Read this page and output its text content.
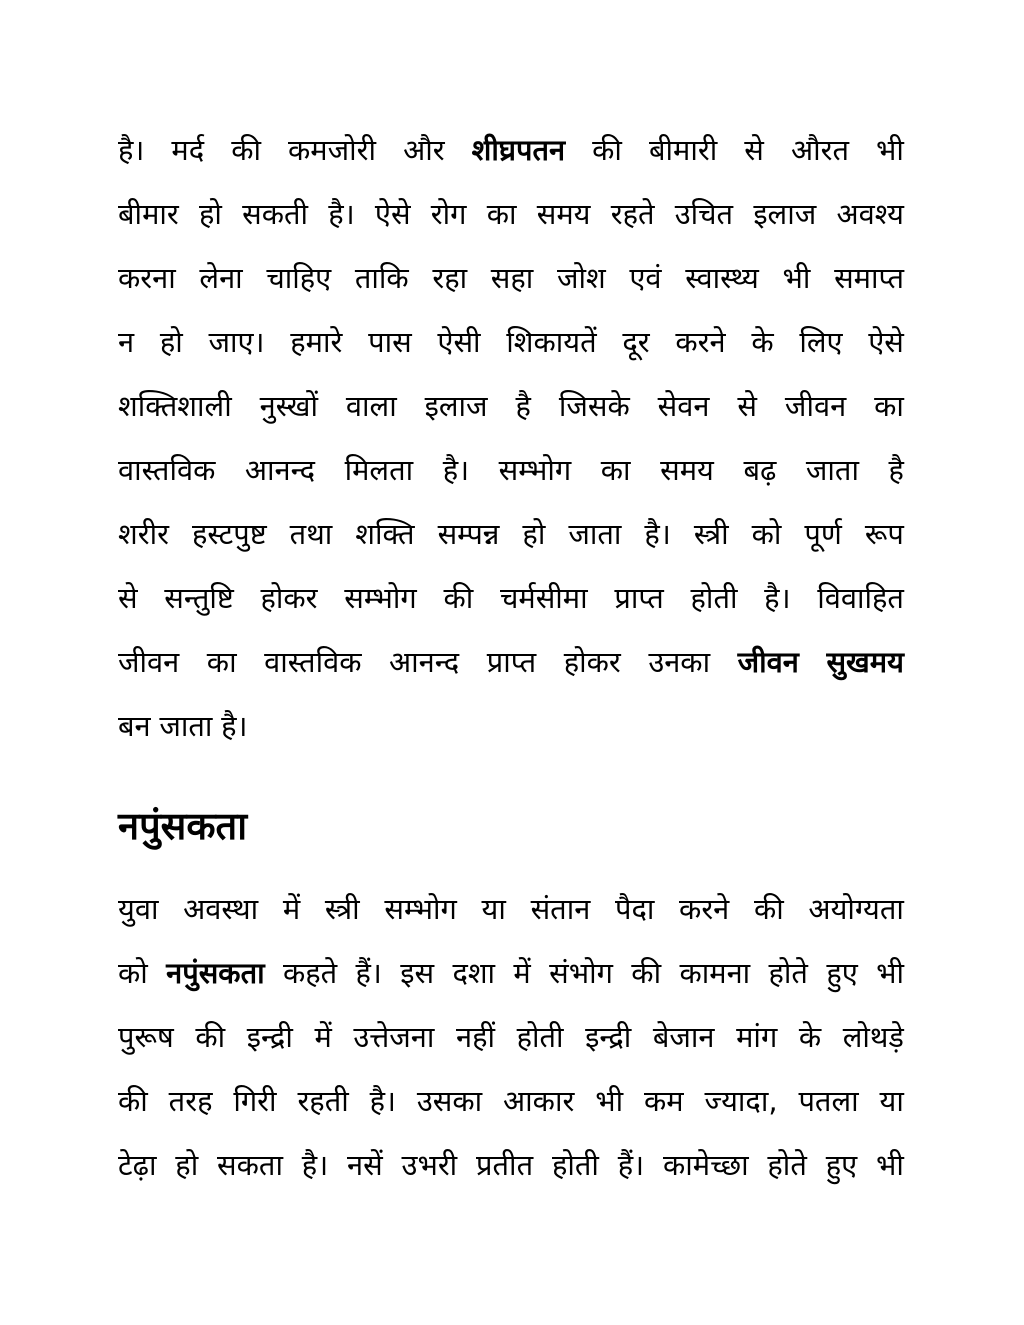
है। मर्द की कमजोरी और शीघ्रपतन की बीमारी से औरत भी
बीमार हो सकती है। ऐसे रोग का समय रहते उचित इलाज अवश्य
करना लेना चाहिए ताकि रहा सहा जोश एवं स्वास्थ्य भी समाप्त
न हो जाए। हमारे पास ऐसी शिकायतें दूर करने के लिए ऐसे
शक्तिशाली नुस्खों वाला इलाज है जिसके सेवन से जीवन का
वास्तविक आनन्द मिलता है। सम्भोग का समय बढ़ जाता है
शरीर हस्टपुष्ट तथा शक्ति सम्पन्न हो जाता है। स्त्री को पूर्ण रूप
से सन्तुष्टि होकर सम्भोग की चर्मसीमा प्राप्त होती है। विवाहित
जीवन का वास्तविक आनन्द प्राप्त होकर उनका जीवन सुखमय
बन जाता है।
नपुंसकता
युवा अवस्था में स्त्री सम्भोग या संतान पैदा करने की अयोग्यता
को नपुंसकता कहते हैं। इस दशा में संभोग की कामना होते हुए भी
पुरूष की इन्द्री में उत्तेजना नहीं होती इन्द्री बेजान मांग के लोथड़े
की तरह गिरी रहती है। उसका आकार भी कम ज्यादा, पतला या
टेढ़ा हो सकता है। नसें उभरी प्रतीत होती हैं। कामेच्छा होते हुए भी
